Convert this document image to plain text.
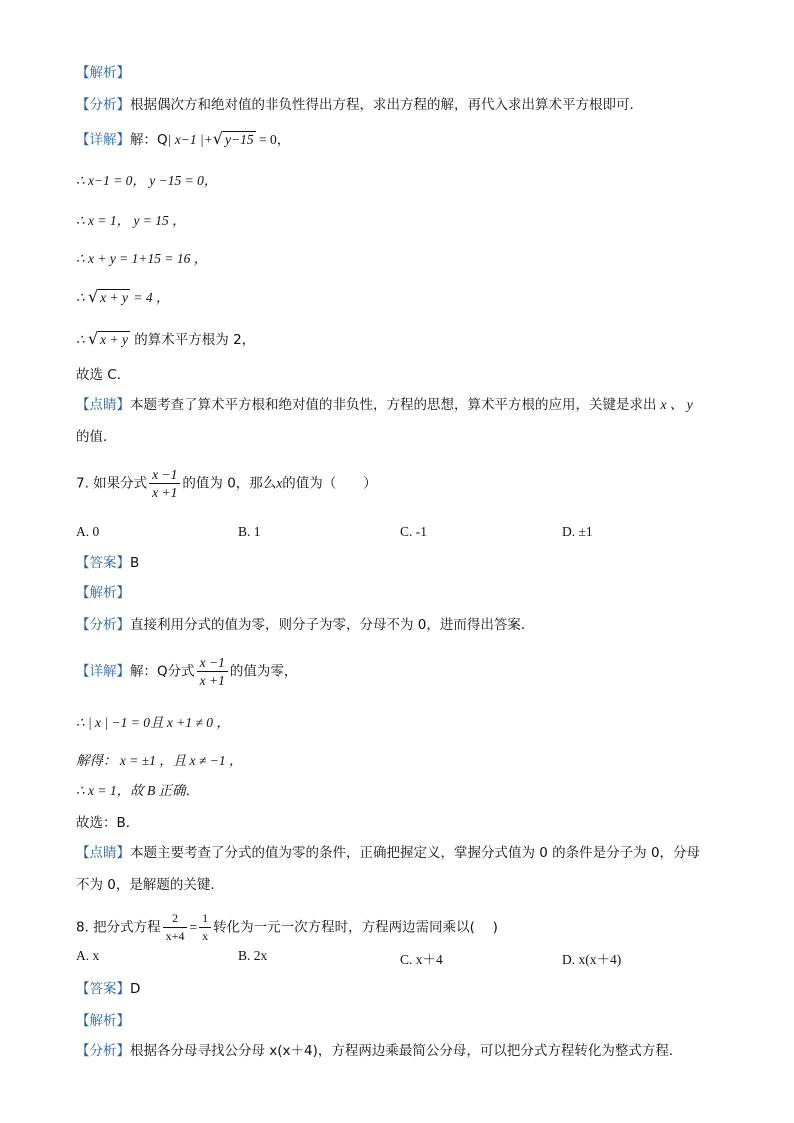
【解析】
【分析】根据偶次方和绝对值的非负性得出方程，求出方程的解，再代入求出算术平方根即可．
【详解】解：Q| x−1 |+√ y−15 = 0，
∴ x−1 = 0， y −15 = 0，
∴ x = 1， y = 15 ，
∴ x + y = 1+15 = 16 ，
∴ √ x + y = 4 ，
∴ √ x + y 的算术平方根为 2，
故选 C．
【点睛】本题考查了算术平方根和绝对值的非负性，方程的思想，算术平方根的应用，关键是求出 x 、 y
的值．
7. 如果分式 $\frac{x -1}{x +1}$ 的值为 0，那么x的值为（　　）
A. 0	B. 1	C. -1	D. ±1
【答案】B
【解析】
【分析】直接利用分式的值为零，则分子为零，分母不为 0，进而得出答案．
【详解】解：Q分式 $\frac{x -1}{x +1}$ 的值为零，
∴ | x | −1 = 0且 x +1 ≠ 0 ，
解得： x = ±1 ，且 x ≠ −1 ，
∴ x = 1，故 B 正确．
故选：B．
【点睛】本题主要考查了分式的值为零的条件，正确把握定义，掌握分式值为 0 的条件是分子为 0，分母
不为 0，是解题的关键．
8. 把分式方程 $\frac{2}{x+4} = \frac{1}{x}$ 转化为一元一次方程时，方程两边需同乘以(　 )
A. x	B. 2x	C. x＋4	D. x(x＋4)
【答案】D
【解析】
【分析】根据各分母寻找公分母 x(x＋4)，方程两边乘最简公分母，可以把分式方程转化为整式方程．
